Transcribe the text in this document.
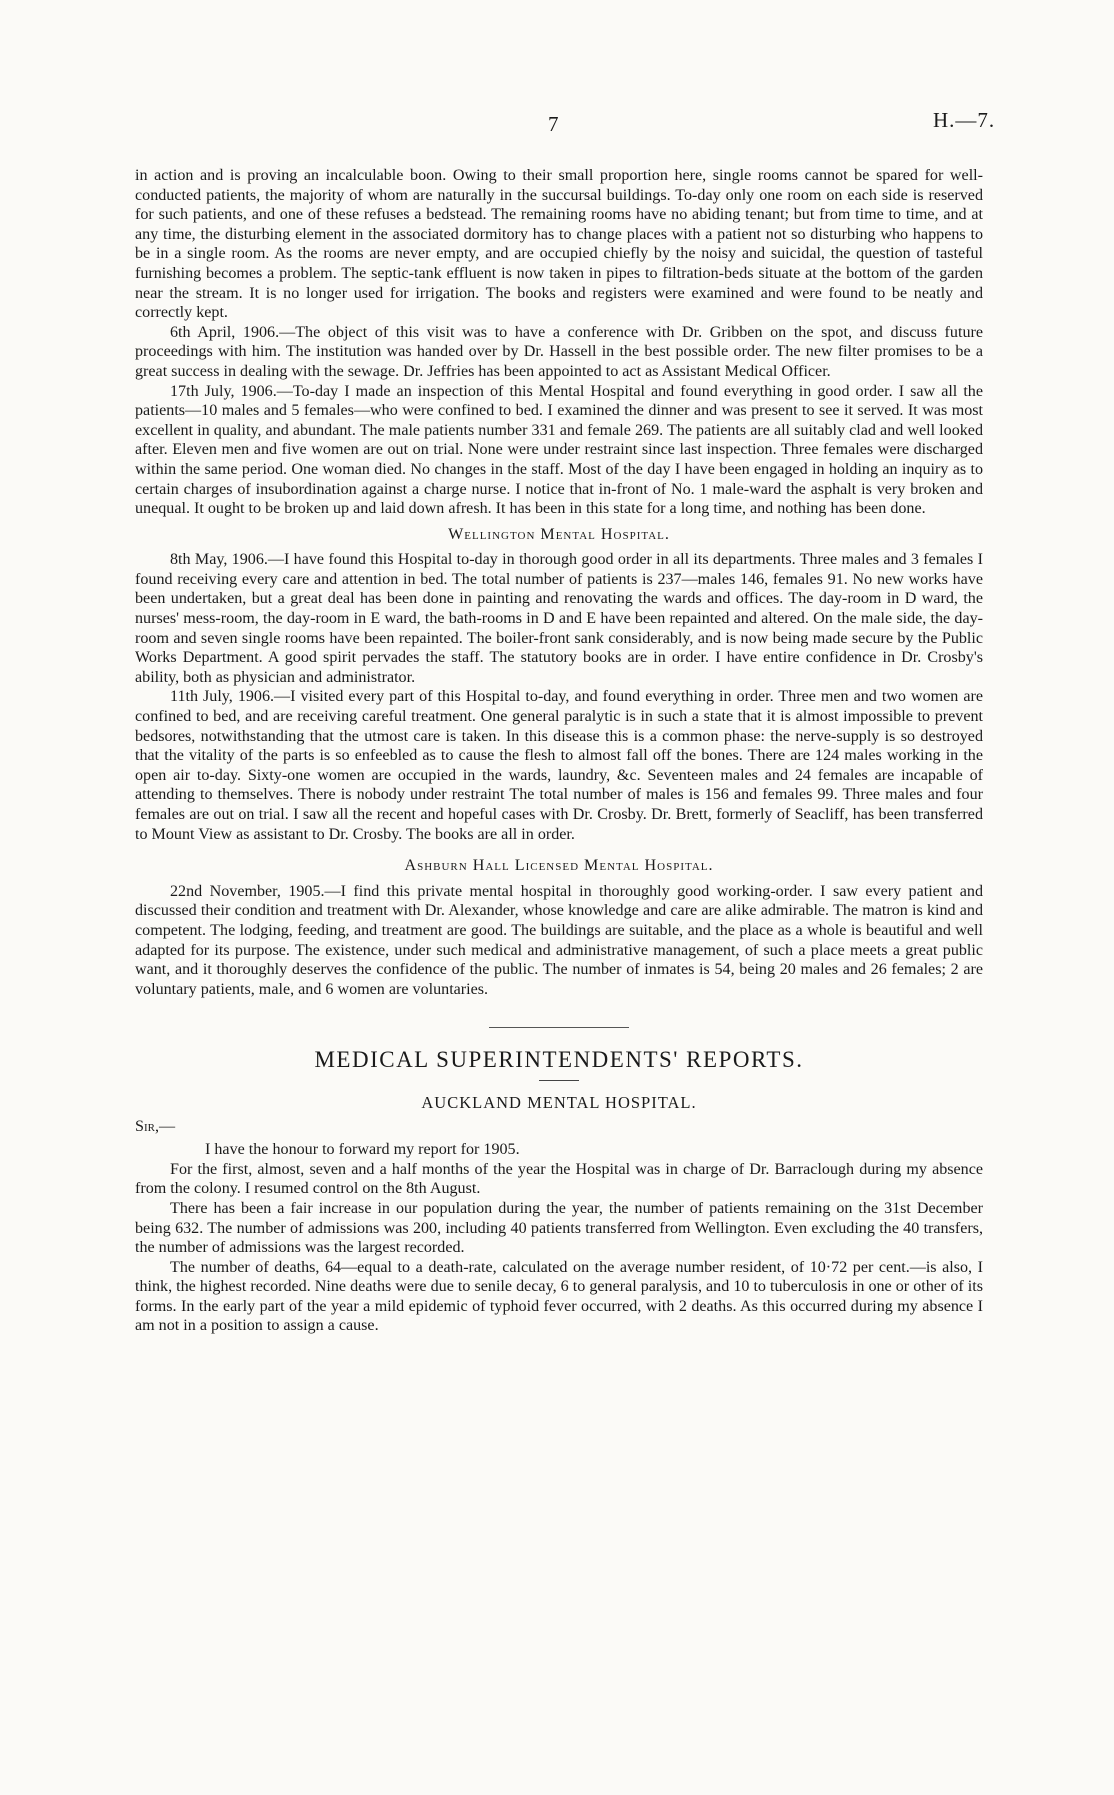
7	H.—7.

in action and is proving an incalculable boon. Owing to their small proportion here, single rooms cannot be spared for well-conducted patients, the majority of whom are naturally in the succursal buildings. To-day only one room on each side is reserved for such patients, and one of these refuses a bedstead. The remaining rooms have no abiding tenant; but from time to time, and at any time, the disturbing element in the associated dormitory has to change places with a patient not so disturbing who happens to be in a single room. As the rooms are never empty, and are occupied chiefly by the noisy and suicidal, the question of tasteful furnishing becomes a problem. The septic-tank effluent is now taken in pipes to filtration-beds situate at the bottom of the garden near the stream. It is no longer used for irrigation. The books and registers were examined and were found to be neatly and correctly kept.

6th April, 1906.—The object of this visit was to have a conference with Dr. Gribben on the spot, and discuss future proceedings with him. The institution was handed over by Dr. Hassell in the best possible order. The new filter promises to be a great success in dealing with the sewage. Dr. Jeffries has been appointed to act as Assistant Medical Officer.

17th July, 1906.—To-day I made an inspection of this Mental Hospital and found everything in good order. I saw all the patients—10 males and 5 females—who were confined to bed. I examined the dinner and was present to see it served. It was most excellent in quality, and abundant. The male patients number 331 and female 269. The patients are all suitably clad and well looked after. Eleven men and five women are out on trial. None were under restraint since last inspection. Three females were discharged within the same period. One woman died. No changes in the staff. Most of the day I have been engaged in holding an inquiry as to certain charges of insubordination against a charge nurse. I notice that in-front of No. 1 male-ward the asphalt is very broken and unequal. It ought to be broken up and laid down afresh. It has been in this state for a long time, and nothing has been done.

Wellington Mental Hospital.

8th May, 1906.—I have found this Hospital to-day in thorough good order in all its departments. Three males and 3 females I found receiving every care and attention in bed. The total number of patients is 237—males 146, females 91. No new works have been undertaken, but a great deal has been done in painting and renovating the wards and offices. The day-room in D ward, the nurses' mess-room, the day-room in E ward, the bath-rooms in D and E have been repainted and altered. On the male side, the day-room and seven single rooms have been repainted. The boiler-front sank considerably, and is now being made secure by the Public Works Department. A good spirit pervades the staff. The statutory books are in order. I have entire confidence in Dr. Crosby's ability, both as physician and administrator.

11th July, 1906.—I visited every part of this Hospital to-day, and found everything in order. Three men and two women are confined to bed, and are receiving careful treatment. One general paralytic is in such a state that it is almost impossible to prevent bedsores, notwithstanding that the utmost care is taken. In this disease this is a common phase: the nerve-supply is so destroyed that the vitality of the parts is so enfeebled as to cause the flesh to almost fall off the bones. There are 124 males working in the open air to-day. Sixty-one women are occupied in the wards, laundry, &c. Seventeen males and 24 females are incapable of attending to themselves. There is nobody under restraint The total number of males is 156 and females 99. Three males and four females are out on trial. I saw all the recent and hopeful cases with Dr. Crosby. Dr. Brett, formerly of Seacliff, has been transferred to Mount View as assistant to Dr. Crosby. The books are all in order.

Ashburn Hall Licensed Mental Hospital.

22nd November, 1905.—I find this private mental hospital in thoroughly good working-order. I saw every patient and discussed their condition and treatment with Dr. Alexander, whose knowledge and care are alike admirable. The matron is kind and competent. The lodging, feeding, and treatment are good. The buildings are suitable, and the place as a whole is beautiful and well adapted for its purpose. The existence, under such medical and administrative management, of such a place meets a great public want, and it thoroughly deserves the confidence of the public. The number of inmates is 54, being 20 males and 26 females; 2 are voluntary patients, male, and 6 women are voluntaries.

MEDICAL SUPERINTENDENTS' REPORTS.

AUCKLAND MENTAL HOSPITAL.

Sir,—

I have the honour to forward my report for 1905.

For the first, almost, seven and a half months of the year the Hospital was in charge of Dr. Barraclough during my absence from the colony. I resumed control on the 8th August.

There has been a fair increase in our population during the year, the number of patients remaining on the 31st December being 632. The number of admissions was 200, including 40 patients transferred from Wellington. Even excluding the 40 transfers, the number of admissions was the largest recorded.

The number of deaths, 64—equal to a death-rate, calculated on the average number resident, of 10·72 per cent.—is also, I think, the highest recorded. Nine deaths were due to senile decay, 6 to general paralysis, and 10 to tuberculosis in one or other of its forms. In the early part of the year a mild epidemic of typhoid fever occurred, with 2 deaths. As this occurred during my absence I am not in a position to assign a cause.
